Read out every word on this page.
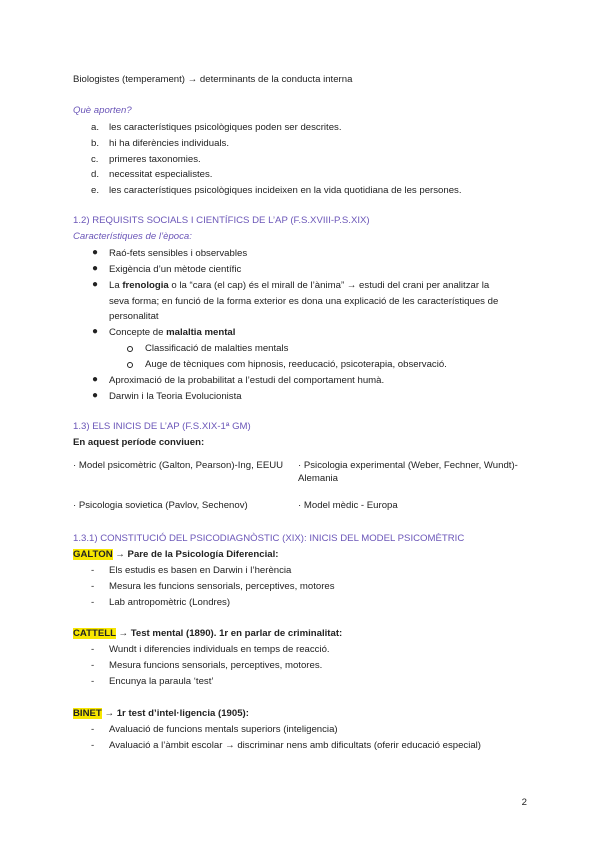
Biologistes (temperament) → determinants de la conducta interna
Què aporten?
a. les característiques psicològiques poden ser descrites.
b. hi ha diferències individuals.
c. primeres taxonomies.
d. necessitat especialistes.
e. les característiques psicològiques incideixen en la vida quotidiana de les persones.
1.2) REQUISITS SOCIALS I CIENTÍFICS DE L’AP (F.S.XVIII-P.S.XIX)
Característiques de l’època:
● Raó-fets sensibles i observables
● Exigència d’un mètode científic
● La frenologia o la “cara (el cap) és el mirall de l’ànima” → estudi del crani per analitzar la
seva forma; en funció de la forma exterior es dona una explicació de les característiques de
personalitat
● Concepte de malaltia mental
Classificació de malalties mentals
Auge de tècniques com hipnosis, reeducació, psicoterapia, observació.
● Aproximació de la probabilitat a l’estudi del comportament humà.
● Darwin i la Teoria Evolucionista
1.3) ELS INICIS DE L’AP (F.S.XIX-1ª GM)
En aquest període conviuen:
· Model psicomètric (Galton, Pearson)-Ing, EEUU	· Psicologia experimental (Weber, Fechner, Wundt)- Alemania
· Psicologia sovietica (Pavlov, Sechenov)	· Model mèdic - Europa
1.3.1) CONSTITUCIÓ DEL PSICODIAGNÒSTIC (XIX): INICIS DEL MODEL PSICOMÈTRIC
GALTON → Pare de la Psicología Diferencial:
- Els estudis es basen en Darwin i l’herència
- Mesura les funcions sensorials, perceptives, motores
- Lab antropomètric (Londres)
CATTELL → Test mental (1890). 1r en parlar de criminalitat:
- Wundt i diferencies individuals en temps de reacció.
- Mesura funcions sensorials, perceptives, motores.
- Encunya la paraula ‘test’
BINET → 1r test d’intel·ligencia (1905):
- Avaluació de funcions mentals superiors (inteligencia)
- Avaluació a l’àmbit escolar → discriminar nens amb dificultats (oferir educació especial)
2
